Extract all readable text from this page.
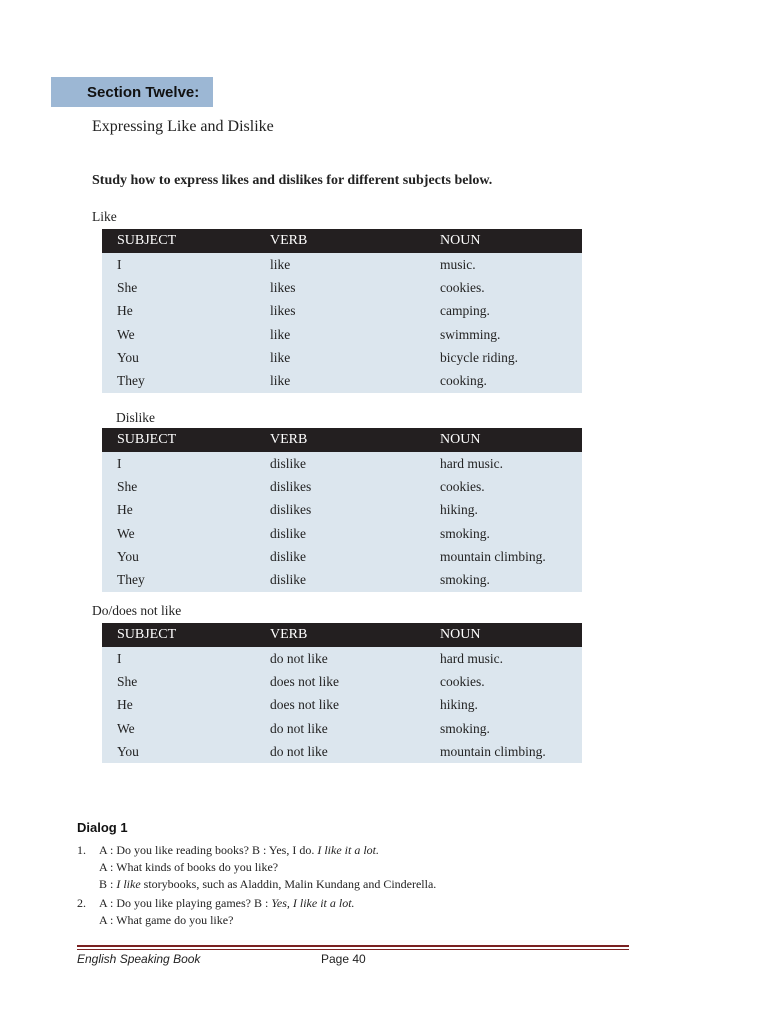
Section Twelve:
Expressing Like and Dislike
Study how to express likes and dislikes for different subjects below.
Like
SUBJECT	VERB	NOUN
I	like	music.
She	likes	cookies.
He	likes	camping.
We	like	swimming.
You	like	bicycle riding.
They	like	cooking.
Dislike
SUBJECT	VERB	NOUN
I	dislike	hard music.
She	dislikes	cookies.
He	dislikes	hiking.
We	dislike	smoking.
You	dislike	mountain climbing.
They	dislike	smoking.
Do/does not like
SUBJECT	VERB	NOUN
I	do not like	hard music.
She	does not like	cookies.
He	does not like	hiking.
We	do not like	smoking.
You	do not like	mountain climbing.
Dialog 1
1. A : Do you like reading books? B : Yes, I do. I like it a lot.
A : What kinds of books do you like?
B : I like storybooks, such as Aladdin, Malin Kundang and Cinderella.
2. A : Do you like playing games? B : Yes, I like it a lot.
A : What game do you like?
English Speaking Book	Page 40
